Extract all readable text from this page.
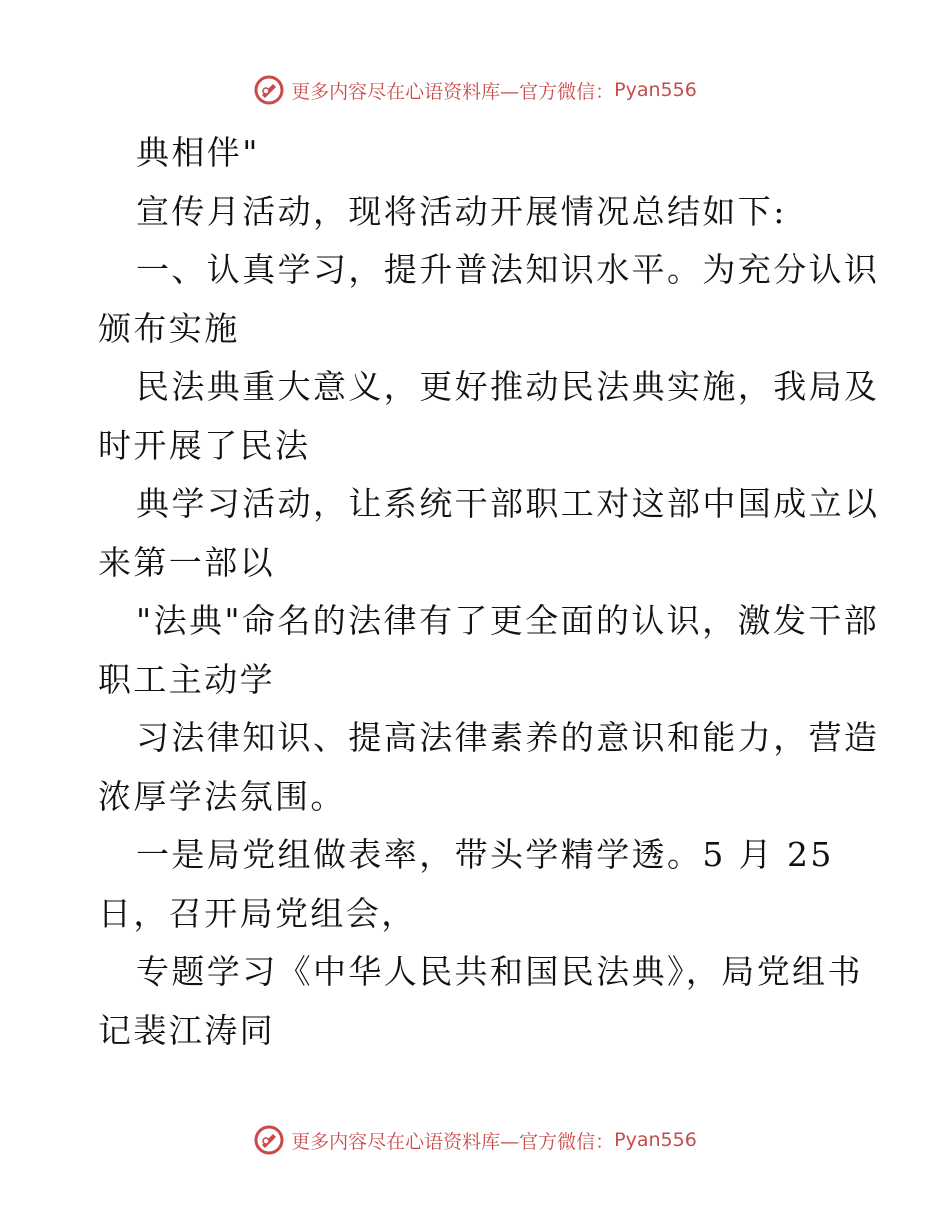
更多内容尽在心语资料库—官方微信： Pyan556
典相伴"
宣传月活动，现将活动开展情况总结如下:
一、认真学习，提升普法知识水平。为充分认识
颁布实施
民法典重大意义，更好推动民法典实施，我局及
时开展了民法
典学习活动，让系统干部职工对这部中国成立以
来第一部以
"法典"命名的法律有了更全面的认识，激发干部
职工主动学
习法律知识、提高法律素养的意识和能力，营造
浓厚学法氛围。
一是局党组做表率，带头学精学透。5 月 25
日，召开局党组会，
专题学习《中华人民共和国民法典》，局党组书
记裴江涛同
更多内容尽在心语资料库—官方微信： Pyan556
